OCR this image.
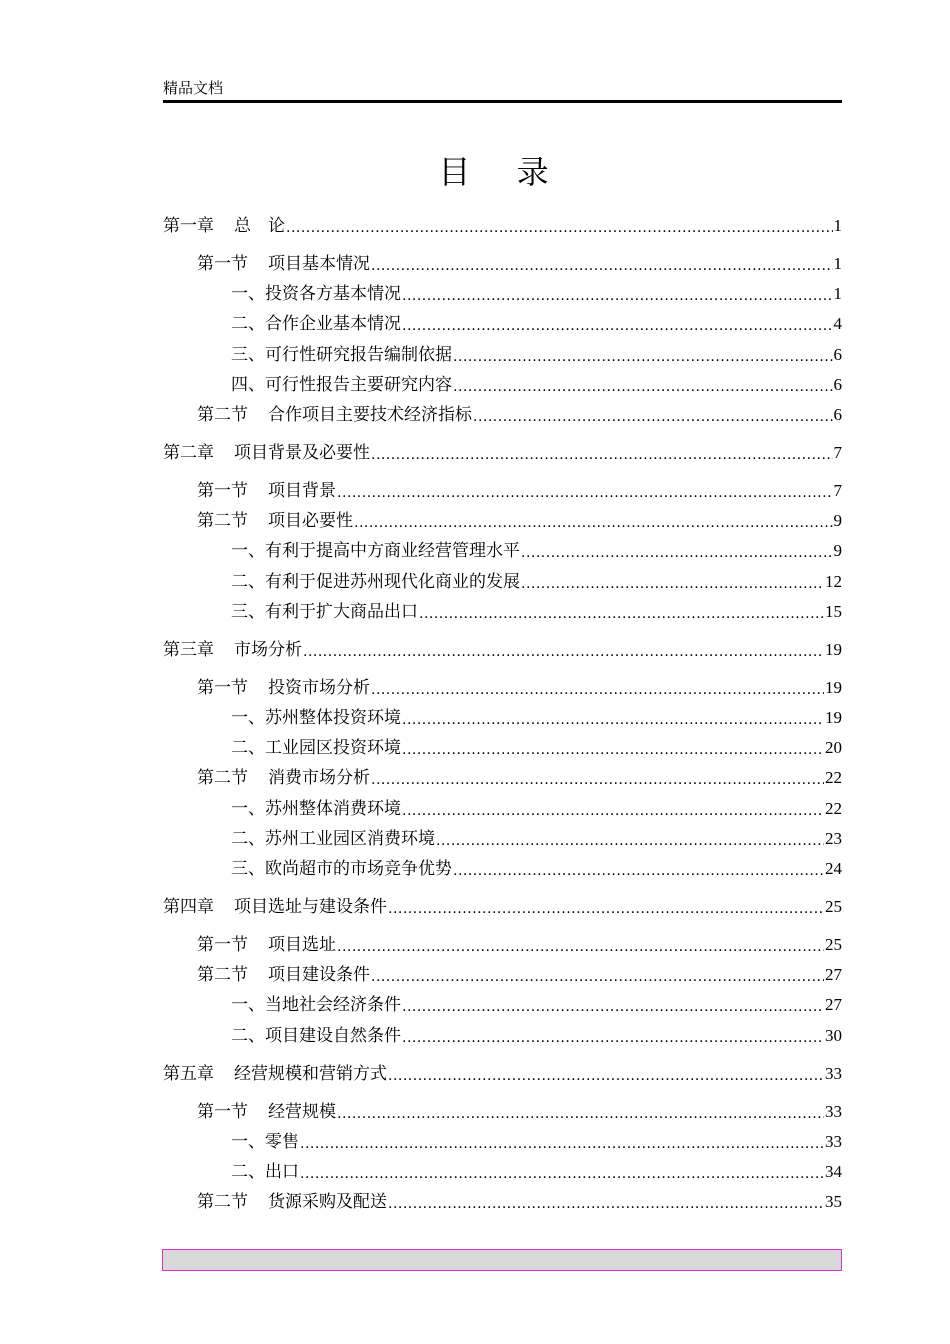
精品文档
目 录
第一章 总　论 .....	1
第一节 项目基本情况 .....	1
一、投资各方基本情况 .....	1
二、合作企业基本情况 .....	4
三、可行性研究报告编制依据 .....	6
四、可行性报告主要研究内容 .....	6
第二节 合作项目主要技术经济指标 .....	6
第二章 项目背景及必要性 .....	7
第一节 项目背景 .....	7
第二节 项目必要性 .....	9
一、有利于提高中方商业经营管理水平 .....	9
二、有利于促进苏州现代化商业的发展 .....	12
三、有利于扩大商品出口 .....	15
第三章 市场分析 .....	19
第一节 投资市场分析 .....	19
一、苏州整体投资环境 .....	19
二、工业园区投资环境 .....	20
第二节 消费市场分析 .....	22
一、苏州整体消费环境 .....	22
二、苏州工业园区消费环境 .....	23
三、欧尚超市的市场竞争优势 .....	24
第四章 项目选址与建设条件 .....	25
第一节 项目选址 .....	25
第二节 项目建设条件 .....	27
一、当地社会经济条件 .....	27
二、项目建设自然条件 .....	30
第五章 经营规模和营销方式 .....	33
第一节 经营规模 .....	33
一、零售 .....	33
二、出口 .....	34
第二节 货源采购及配送 .....	35
